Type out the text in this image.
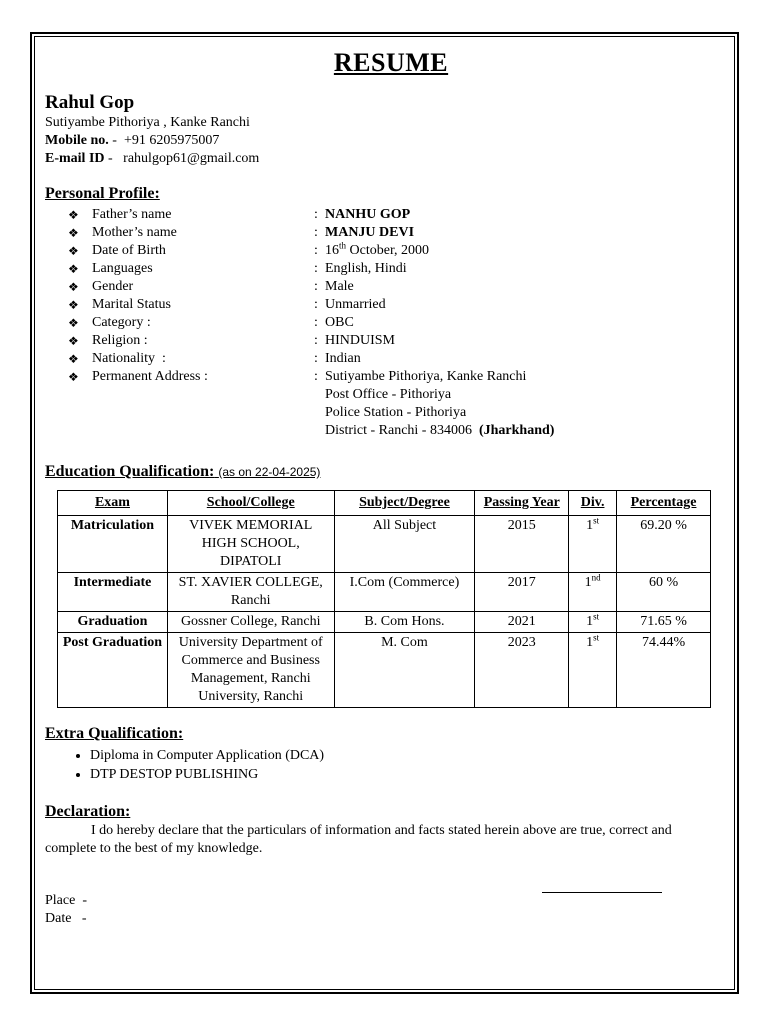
RESUME
Rahul Gop
Sutiyambe Pithoriya , Kanke Ranchi
Mobile no. -  +91 6205975007
E-mail ID -   rahulgop61@gmail.com
Personal Profile:
❖ Father’s name	: NANHU GOP
❖ Mother’s name	: MANJU DEVI
❖ Date of Birth	: 16th October, 2000
❖ Languages	: English, Hindi
❖ Gender	: Male
❖ Marital Status	: Unmarried
❖ Category :	: OBC
❖ Religion :	: HINDUISM
❖ Nationality  :	: Indian
❖ Permanent Address :	: Sutiyambe Pithoriya, Kanke Ranchi
Post Office - Pithoriya
Police Station - Pithoriya
District - Ranchi - 834006  (Jharkhand)
Education Qualification: (as on 22-04-2025)
Exam	School/College	Subject/Degree	Passing Year	Div.	Percentage
Matriculation	VIVEK MEMORIAL HIGH SCHOOL, DIPATOLI	All Subject	2015	1st	69.20 %
Intermediate	ST. XAVIER COLLEGE, Ranchi	I.Com (Commerce)	2017	1nd	60 %
Graduation	Gossner College, Ranchi	B. Com Hons.	2021	1st	71.65 %
Post Graduation	University Department of Commerce and Business Management, Ranchi University, Ranchi	M. Com	2023	1st	74.44%
Extra Qualification:
• Diploma in Computer Application (DCA)
• DTP DESTOP PUBLISHING
Declaration:
I do hereby declare that the particulars of information and facts stated herein above are true, correct and complete to the best of my knowledge.
Place  -
Date   -
